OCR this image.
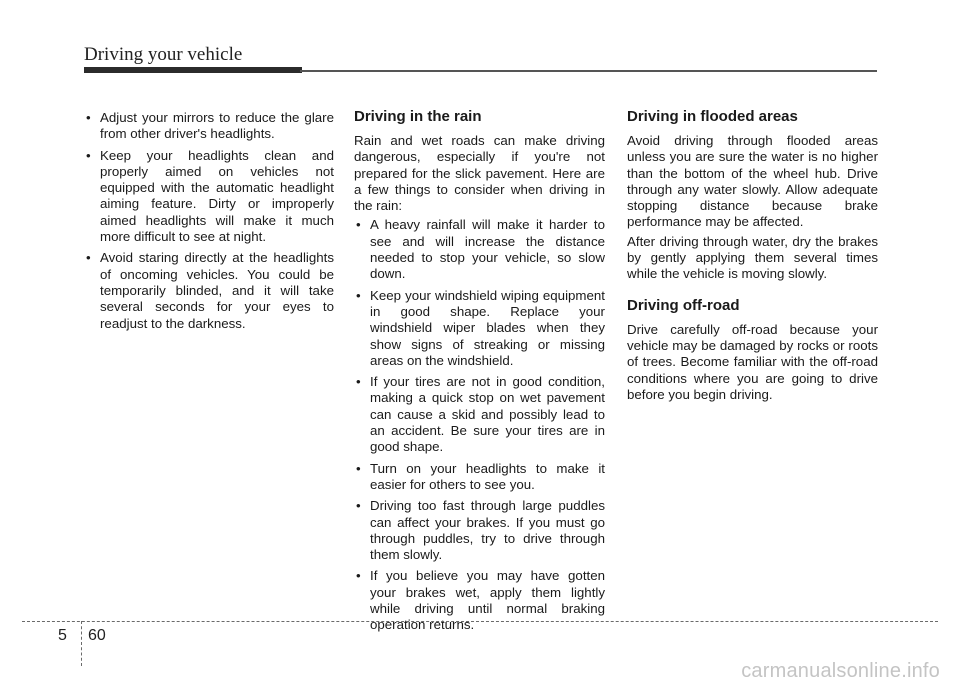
Driving your vehicle
• Adjust your mirrors to reduce the glare from other driver's headlights.
• Keep your headlights clean and properly aimed on vehicles not equipped with the automatic headlight aiming feature. Dirty or improperly aimed headlights will make it much more difficult to see at night.
• Avoid staring directly at the headlights of oncoming vehicles. You could be temporarily blinded, and it will take several seconds for your eyes to readjust to the darkness.
Driving in the rain

Rain and wet roads can make driving dangerous, especially if you're not prepared for the slick pavement. Here are a few things to consider when driving in the rain:

• A heavy rainfall will make it harder to see and will increase the distance needed to stop your vehicle, so slow down.
• Keep your windshield wiping equipment in good shape. Replace your windshield wiper blades when they show signs of streaking or missing areas on the windshield.
• If your tires are not in good condition, making a quick stop on wet pavement can cause a skid and possibly lead to an accident. Be sure your tires are in good shape.
• Turn on your headlights to make it easier for others to see you.
• Driving too fast through large puddles can affect your brakes. If you must go through puddles, try to drive through them slowly.
• If you believe you may have gotten your brakes wet, apply them lightly while driving until normal braking operation returns.
Driving in flooded areas

Avoid driving through flooded areas unless you are sure the water is no higher than the bottom of the wheel hub. Drive through any water slowly. Allow adequate stopping distance because brake performance may be affected.

After driving through water, dry the brakes by gently applying them several times while the vehicle is moving slowly.

Driving off-road

Drive carefully off-road because your vehicle may be damaged by rocks or roots of trees. Become familiar with the off-road conditions where you are going to drive before you begin driving.

5 60
carmanualsonline.info
